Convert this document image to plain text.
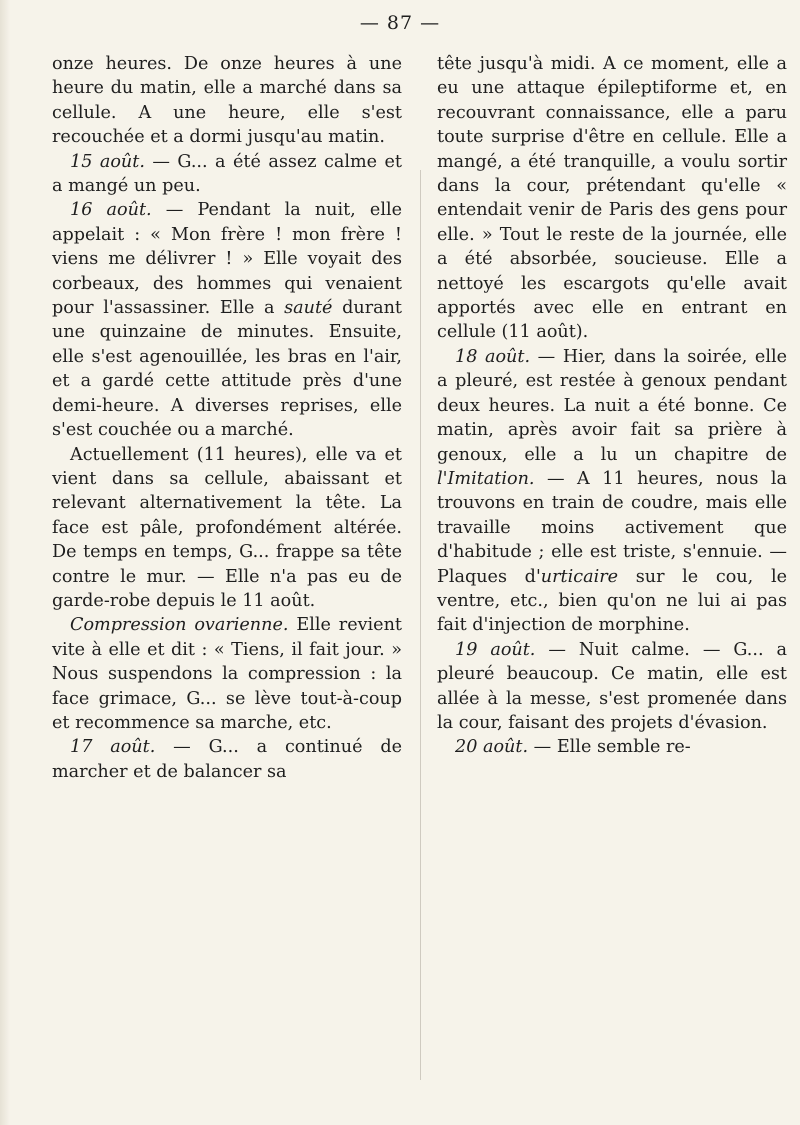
— 87 —

onze heures. De onze heures à une heure du matin, elle a marché dans sa cellule. A une heure, elle s'est recouchée et a dormi jusqu'au matin.

15 août. — G... a été assez calme et a mangé un peu.

16 août. — Pendant la nuit, elle appelait : « Mon frère ! mon frère ! viens me délivrer ! » Elle voyait des corbeaux, des hommes qui venaient pour l'assassiner. Elle a sauté durant une quinzaine de minutes. Ensuite, elle s'est agenouillée, les bras en l'air, et a gardé cette attitude près d'une demi-heure. A diverses reprises, elle s'est couchée ou a marché.

Actuellement (11 heures), elle va et vient dans sa cellule, abaissant et relevant alternativement la tête. La face est pâle, profondément altérée. De temps en temps, G... frappe sa tête contre le mur. — Elle n'a pas eu de garde-robe depuis le 11 août.

Compression ovarienne. Elle revient vite à elle et dit : « Tiens, il fait jour. » Nous suspendons la compression : la face grimace, G... se lève tout-à-coup et recommence sa marche, etc.

17 août. — G... a continué de marcher et de balancer sa

tête jusqu'à midi. A ce moment, elle a eu une attaque épileptiforme et, en recouvrant connaissance, elle a paru toute surprise d'être en cellule. Elle a mangé, a été tranquille, a voulu sortir dans la cour, prétendant qu'elle « entendait venir de Paris des gens pour elle. » Tout le reste de la journée, elle a été absorbée, soucieuse. Elle a nettoyé les escargots qu'elle avait apportés avec elle en entrant en cellule (11 août).

18 août. — Hier, dans la soirée, elle a pleuré, est restée à genoux pendant deux heures. La nuit a été bonne. Ce matin, après avoir fait sa prière à genoux, elle a lu un chapitre de l'Imitation. — A 11 heures, nous la trouvons en train de coudre, mais elle travaille moins activement que d'habitude ; elle est triste, s'ennuie. — Plaques d'urticaire sur le cou, le ventre, etc., bien qu'on ne lui ai pas fait d'injection de morphine.

19 août. — Nuit calme. — G... a pleuré beaucoup. Ce matin, elle est allée à la messe, s'est promenée dans la cour, faisant des projets d'évasion.

20 août. — Elle semble re-
